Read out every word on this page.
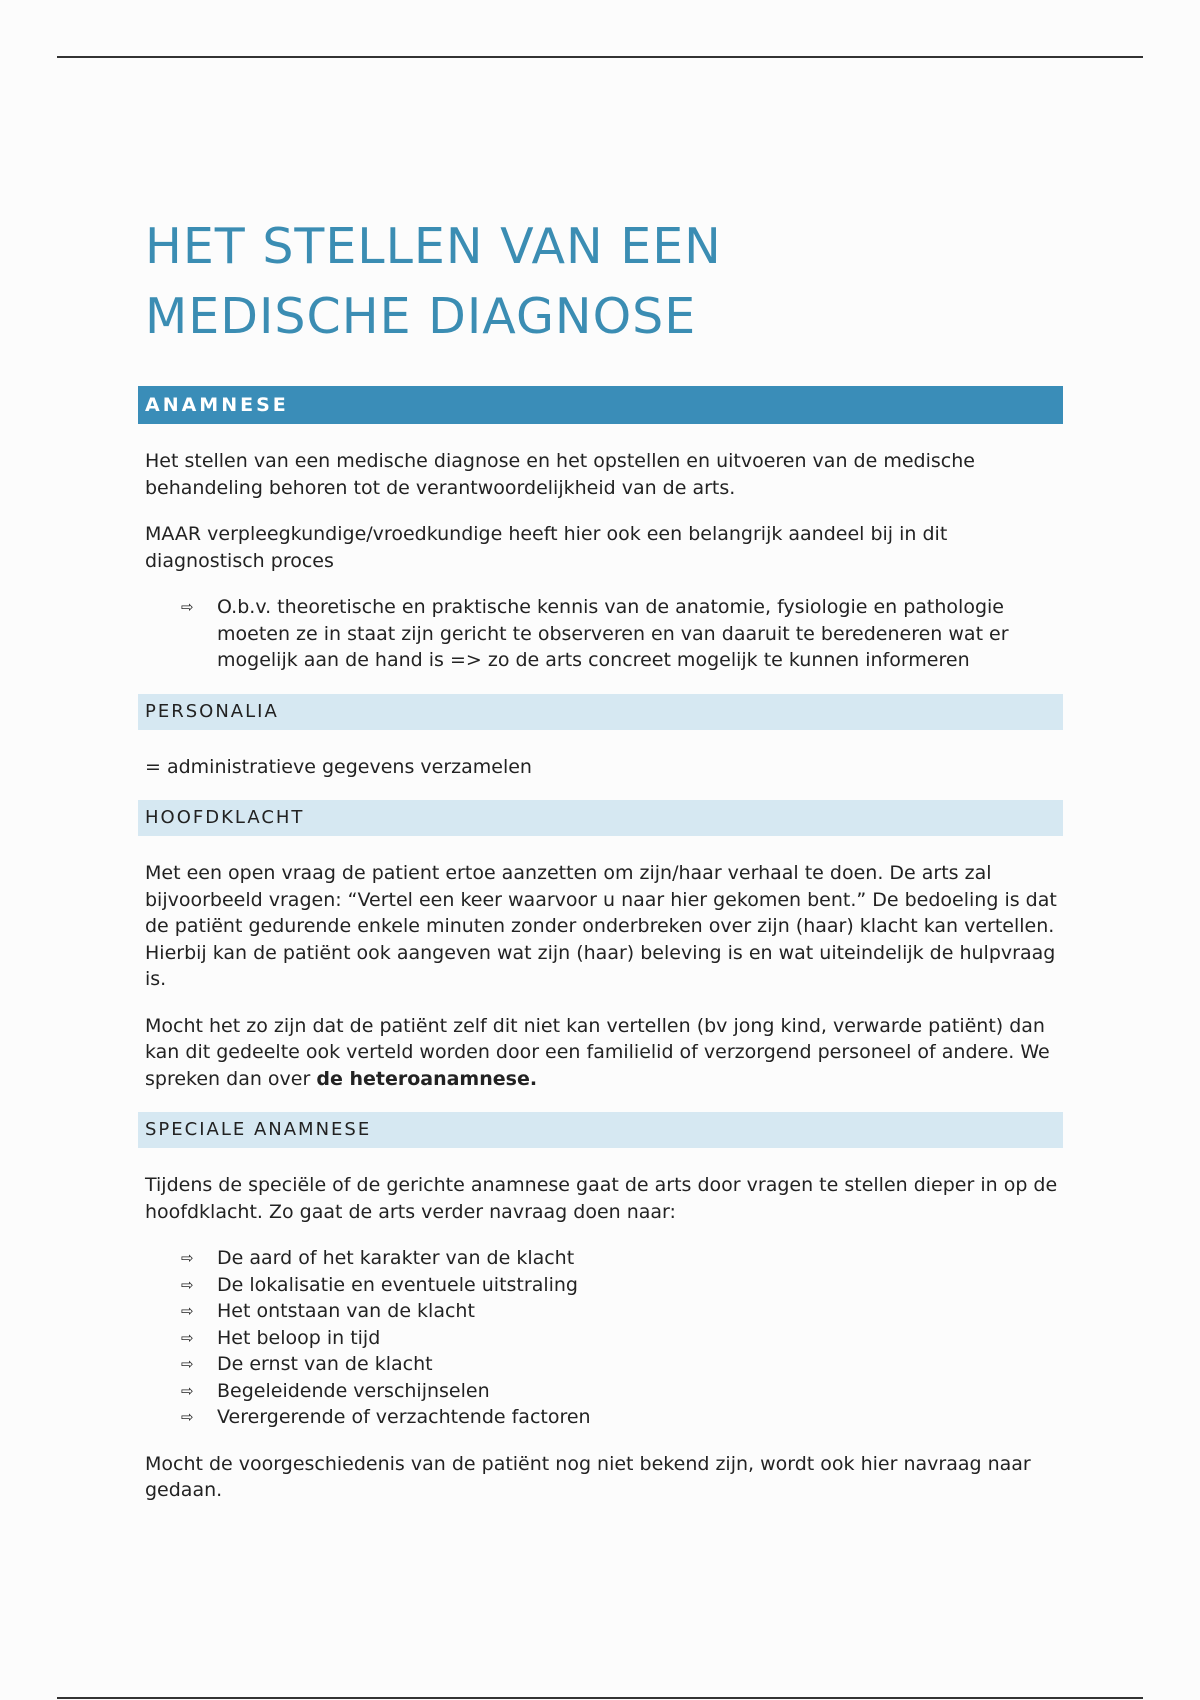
HET STELLEN VAN EEN
MEDISCHE DIAGNOSE
ANAMNESE

Het stellen van een medische diagnose en het opstellen en uitvoeren van de medische behandeling behoren tot de verantwoordelijkheid van de arts.

MAAR verpleegkundige/vroedkundige heeft hier ook een belangrijk aandeel bij in dit diagnostisch proces

⇨ O.b.v. theoretische en praktische kennis van de anatomie, fysiologie en pathologie moeten ze in staat zijn gericht te observeren en van daaruit te beredeneren wat er mogelijk aan de hand is => zo de arts concreet mogelijk te kunnen informeren
PERSONALIA

= administratieve gegevens verzamelen

HOOFDKLACHT

Met een open vraag de patient ertoe aanzetten om zijn/haar verhaal te doen. De arts zal bijvoorbeeld vragen: “Vertel een keer waarvoor u naar hier gekomen bent.” De bedoeling is dat de patiënt gedurende enkele minuten zonder onderbreken over zijn (haar) klacht kan vertellen. Hierbij kan de patiënt ook aangeven wat zijn (haar) beleving is en wat uiteindelijk de hulpvraag is.

Mocht het zo zijn dat de patiënt zelf dit niet kan vertellen (bv jong kind, verwarde patiënt) dan kan dit gedeelte ook verteld worden door een familielid of verzorgend personeel of andere. We spreken dan over de heteroanamnese.

SPECIALE ANAMNESE

Tijdens de speciële of de gerichte anamnese gaat de arts door vragen te stellen dieper in op de hoofdklacht. Zo gaat de arts verder navraag doen naar:

⇨ De aard of het karakter van de klacht
⇨ De lokalisatie en eventuele uitstraling
⇨ Het ontstaan van de klacht
⇨ Het beloop in tijd
⇨ De ernst van de klacht
⇨ Begeleidende verschijnselen
⇨ Verergerende of verzachtende factoren

Mocht de voorgeschiedenis van de patiënt nog niet bekend zijn, wordt ook hier navraag naar gedaan.
